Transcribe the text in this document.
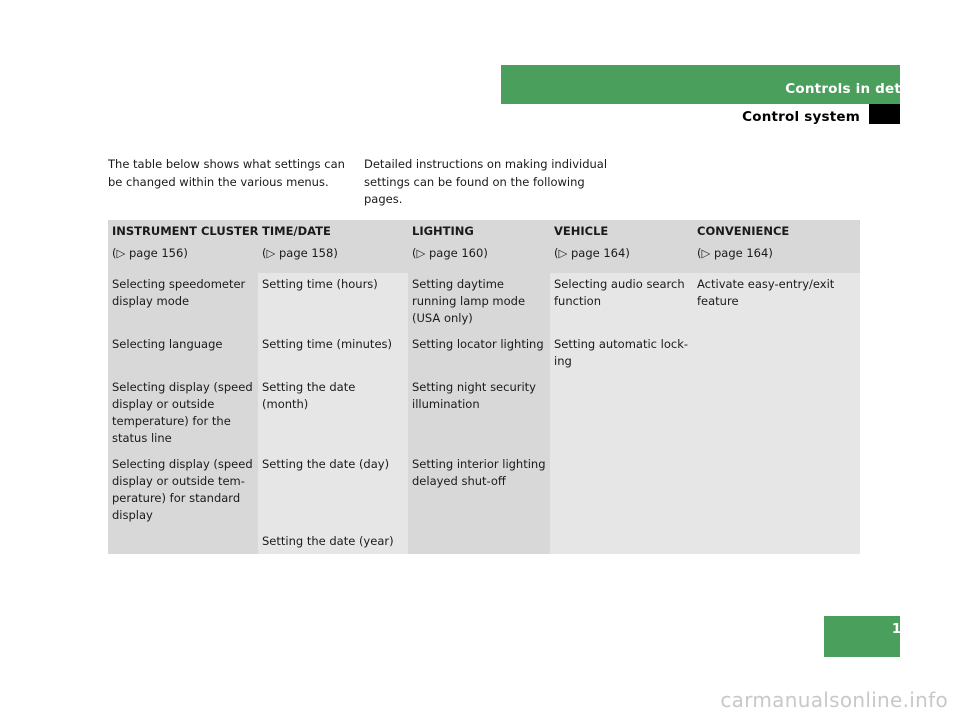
Controls in detail
Control system
The table below shows what settings can be changed within the various menus.
Detailed instructions on making individual settings can be found on the following pages.
INSTRUMENT CLUSTER	TIME/DATE	LIGHTING	VEHICLE	CONVENIENCE
(▷ page 156)	(▷ page 158)	(▷ page 160)	(▷ page 164)	(▷ page 164)

Selecting speedometer display mode	Setting time (hours)	Setting daytime running lamp mode (USA only)	Selecting audio search function	Activate easy-entry/exit feature
Selecting language	Setting time (minutes)	Setting locator lighting	Setting automatic lock-ing	
Selecting display (speed display or outside temperature) for the status line	Setting the date (month)	Setting night security illumination		
Selecting display (speed display or outside tem-perature) for standard display	Setting the date (day)	Setting interior lighting delayed shut-off		
	Setting the date (year)			
155
carmanualsonline.info
